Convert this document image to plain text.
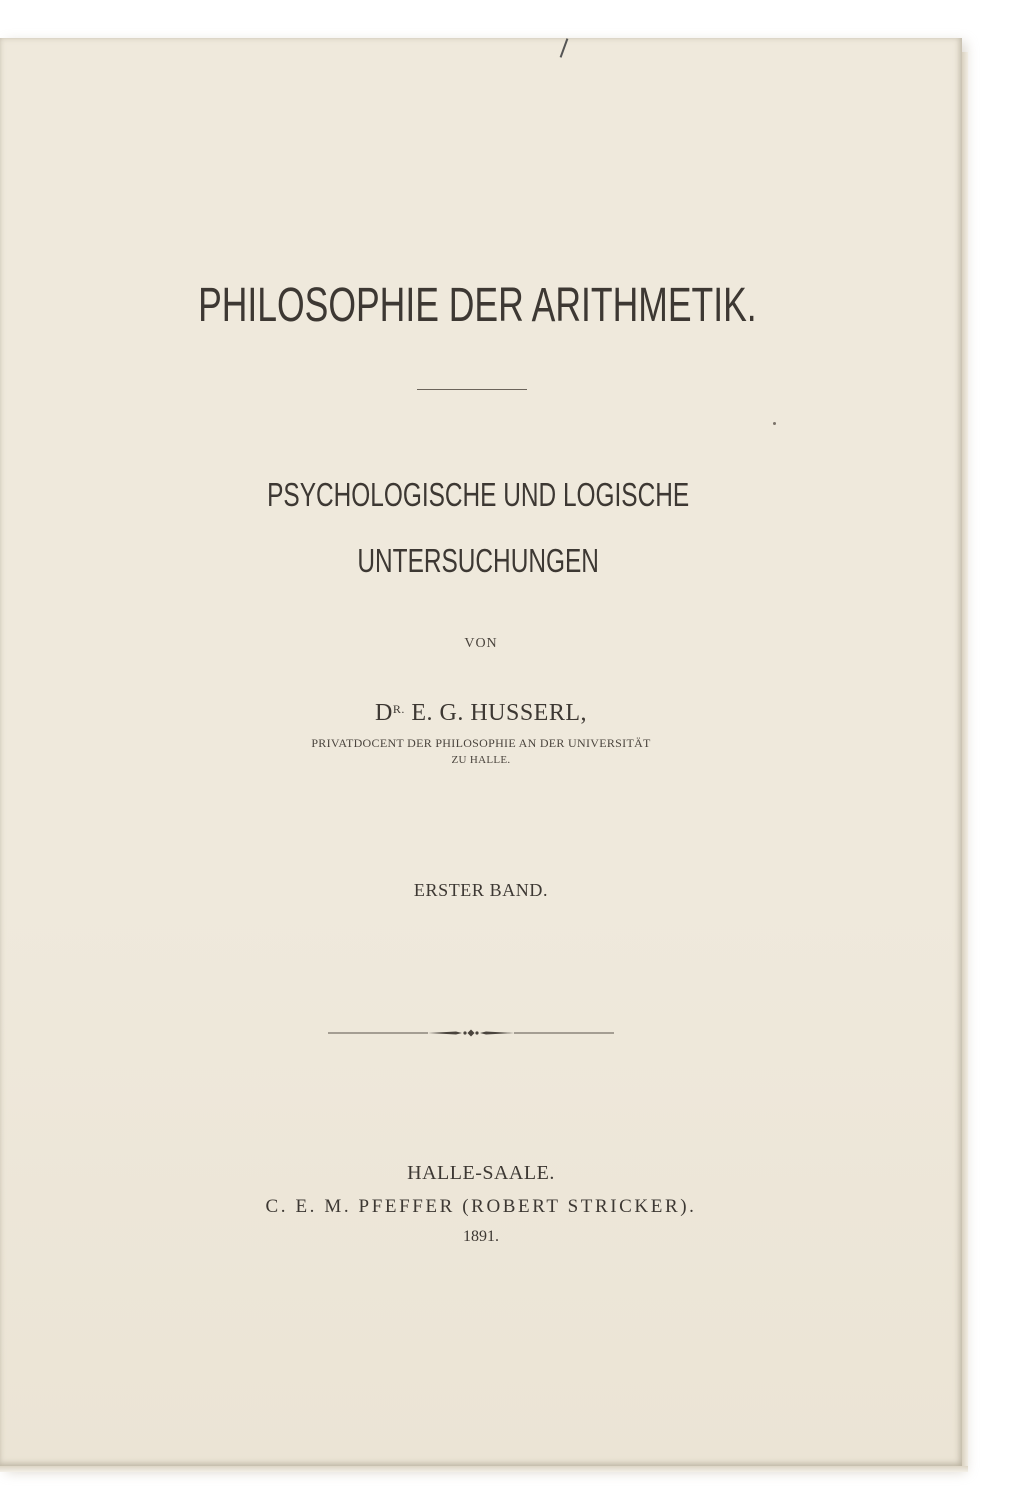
PHILOSOPHIE DER ARITHMETIK.
PSYCHOLOGISCHE UND LOGISCHE
UNTERSUCHUNGEN
VON
$D^{R.}$ E. G. HUSSERL,
PRIVATDOCENT DER PHILOSOPHIE AN DER UNIVERSITÄT
ZU HALLE.
ERSTER BAND.
HALLE-SAALE.
C. E. M. PFEFFER (ROBERT STRICKER).
1891.
